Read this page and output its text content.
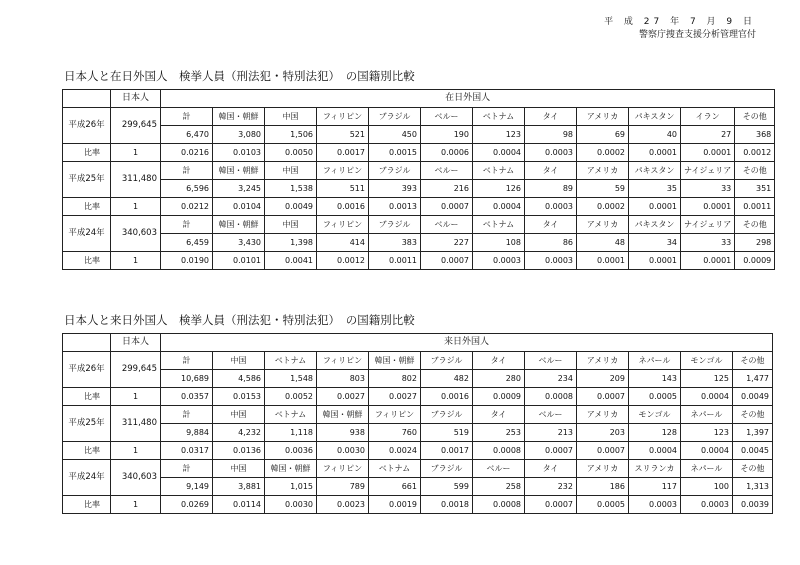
平 成 27 年 7 月 9 日
警察庁捜査支援分析管理官付
日本人と在日外国人　検挙人員（刑法犯・特別法犯）　の国籍別比較
	日本人	在日外国人											
平成26年	299,645	計	韓国・朝鮮	中国	フィリピン	ブラジル	ベルー	ベトナム	タイ	アメリカ	パキスタン	イラン	その他
		6,470	3,080	1,506	521	450	190	123	98	69	40	27	368
比率	1	0.0216	0.0103	0.0050	0.0017	0.0015	0.0006	0.0004	0.0003	0.0002	0.0001	0.0001	0.0012
平成25年	311,480	計	韓国・朝鮮	中国	フィリピン	ブラジル	ベルー	ベトナム	タイ	アメリカ	パキスタン	ナイジェリア	その他
		6,596	3,245	1,538	511	393	216	126	89	59	35	33	351
比率	1	0.0212	0.0104	0.0049	0.0016	0.0013	0.0007	0.0004	0.0003	0.0002	0.0001	0.0001	0.0011
平成24年	340,603	計	韓国・朝鮮	中国	フィリピン	ブラジル	ベルー	ベトナム	タイ	アメリカ	パキスタン	ナイジェリア	その他
		6,459	3,430	1,398	414	383	227	108	86	48	34	33	298
比率	1	0.0190	0.0101	0.0041	0.0012	0.0011	0.0007	0.0003	0.0003	0.0001	0.0001	0.0001	0.0009
日本人と来日外国人　検挙人員（刑法犯・特別法犯）　の国籍別比較
	日本人	来日外国人											
平成26年	299,645	計	中国	ベトナム	フィリピン	韓国・朝鮮	ブラジル	タイ	ベルー	アメリカ	ネパール	モンゴル	その他
		10,689	4,586	1,548	803	802	482	280	234	209	143	125	1,477
比率	1	0.0357	0.0153	0.0052	0.0027	0.0027	0.0016	0.0009	0.0008	0.0007	0.0005	0.0004	0.0049
平成25年	311,480	計	中国	ベトナム	韓国・朝鮮	フィリピン	ブラジル	タイ	ベルー	アメリカ	モンゴル	ネパール	その他
		9,884	4,232	1,118	938	760	519	253	213	203	128	123	1,397
比率	1	0.0317	0.0136	0.0036	0.0030	0.0024	0.0017	0.0008	0.0007	0.0007	0.0004	0.0004	0.0045
平成24年	340,603	計	中国	韓国・朝鮮	フィリピン	ベトナム	ブラジル	ベルー	タイ	アメリカ	スリランカ	ネパール	その他
		9,149	3,881	1,015	789	661	599	258	232	186	117	100	1,313
比率	1	0.0269	0.0114	0.0030	0.0023	0.0019	0.0018	0.0008	0.0007	0.0005	0.0003	0.0003	0.0039
